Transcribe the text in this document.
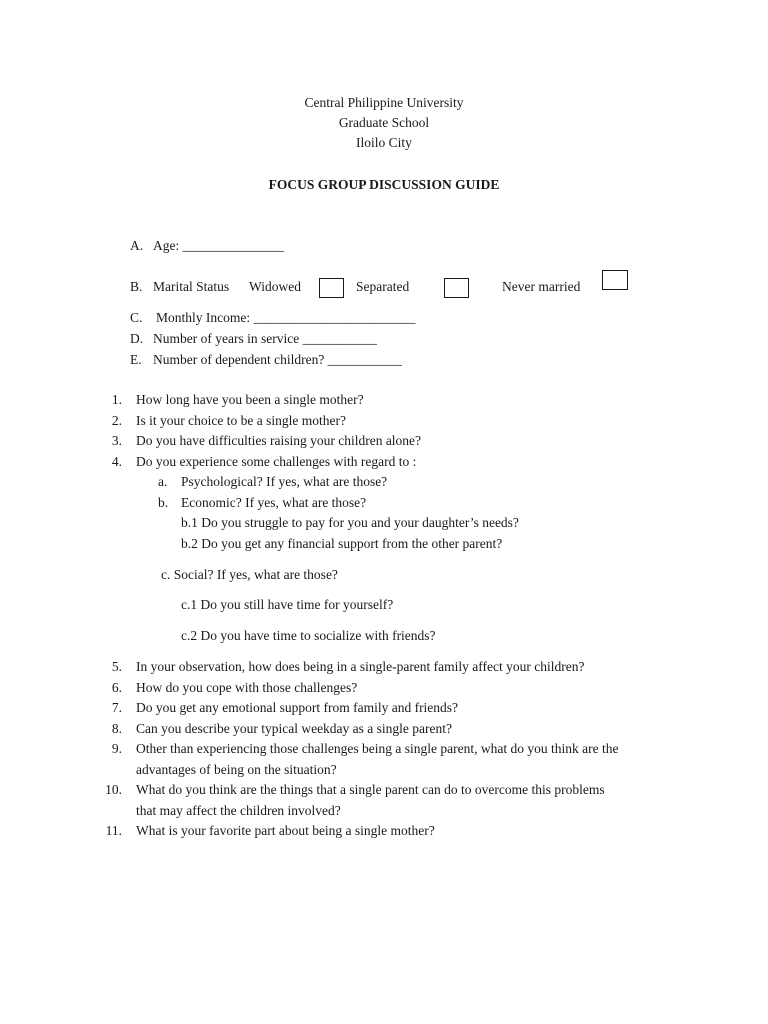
Central Philippine University
Graduate School
Iloilo City
FOCUS GROUP DISCUSSION GUIDE
A. Age: _______________
B. Marital Status Widowed	Separated	Never married
C. Monthly Income: ________________________
D. Number of years in service ___________
E. Number of dependent children? ___________
1. How long have you been a single mother?
2. Is it your choice to be a single mother?
3. Do you have difficulties raising your children alone?
4. Do you experience some challenges with regard to :
a. Psychological? If yes, what are those?
b. Economic? If yes, what are those?
b.1 Do you struggle to pay for you and your daughter’s needs?
b.2 Do you get any financial support from the other parent?
c. Social? If yes, what are those?
c.1 Do you still have time for yourself?
c.2 Do you have time to socialize with friends?
5. In your observation, how does being in a single-parent family affect your children?
6. How do you cope with those challenges?
7. Do you get any emotional support from family and friends?
8. Can you describe your typical weekday as a single parent?
9. Other than experiencing those challenges being a single parent, what do you think are the
advantages of being on the situation?
10. What do you think are the things that a single parent can do to overcome this problems
that may affect the children involved?
11. What is your favorite part about being a single mother?
